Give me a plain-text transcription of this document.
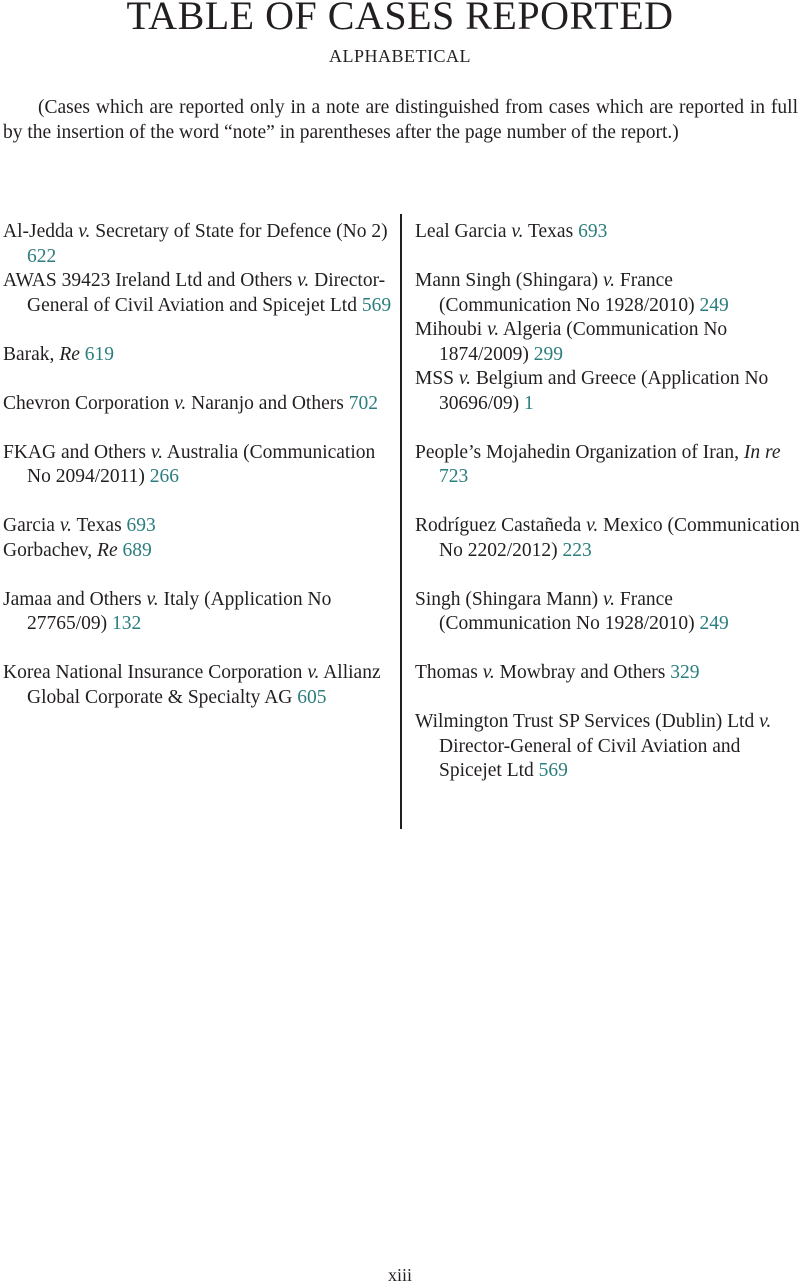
TABLE OF CASES REPORTED
ALPHABETICAL

(Cases which are reported only in a note are distinguished from cases which are reported in full by the insertion of the word “note” in parentheses after the page number of the report.)

Al-Jedda v. Secretary of State for Defence (No 2) 622
AWAS 39423 Ireland Ltd and Others v. Director-General of Civil Aviation and Spicejet Ltd 569
Barak, Re 619
Chevron Corporation v. Naranjo and Others 702
FKAG and Others v. Australia (Communication No 2094/2011) 266
Garcia v. Texas 693
Gorbachev, Re 689
Jamaa and Others v. Italy (Application No 27765/09) 132
Korea National Insurance Corporation v. Allianz Global Corporate & Specialty AG 605
Leal Garcia v. Texas 693
Mann Singh (Shingara) v. France (Communication No 1928/2010) 249
Mihoubi v. Algeria (Communication No 1874/2009) 299
MSS v. Belgium and Greece (Application No 30696/09) 1
People’s Mojahedin Organization of Iran, In re 723
Rodríguez Castañeda v. Mexico (Communication No 2202/2012) 223
Singh (Shingara Mann) v. France (Communication No 1928/2010) 249
Thomas v. Mowbray and Others 329
Wilmington Trust SP Services (Dublin) Ltd v. Director-General of Civil Aviation and Spicejet Ltd 569
xiii
